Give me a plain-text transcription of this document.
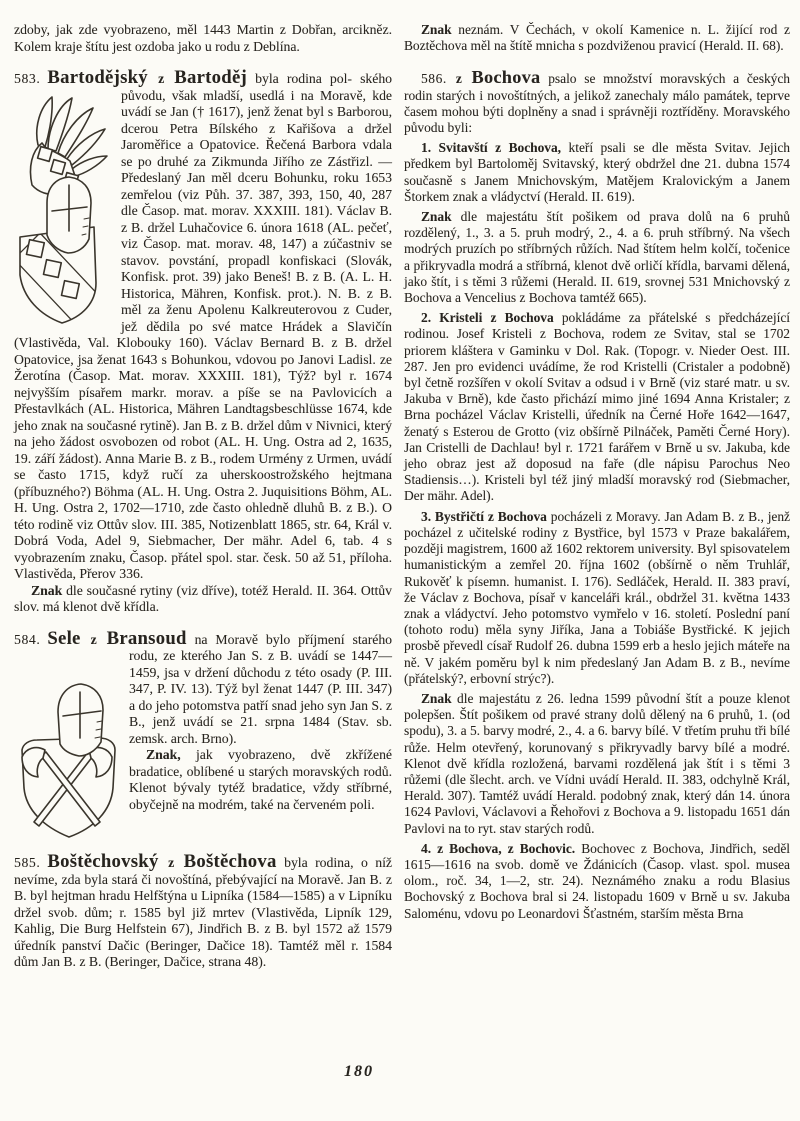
zdoby, jak zde vyobrazeno, měl 1443 Martin z Dobřan, arcikněz. Kolem kraje štítu jest ozdoba jako u rodu z Deblína.

583. Bartodějský z Bartoděj byla rodina pol- ského původu, však mladší, usedlá i na Moravě, kde uvádí se Jan († 1617), jenž ženat byl s Barborou, dcerou Petra Bílského z Kařišova a držel Jaroměřice a Opatovice. Řečená Barbora vdala se po druhé za Zikmunda Jiřího ze Zástřizl. — Předeslaný Jan měl dceru Bohunku, roku 1653 zemřelou (viz Půh. 37. 387, 393, 150, 40, 287 dle Časop. mat. morav. XXXIII. 181). Václav B. z B. držel Luhačovice 6. února 1618 (AL. pečeť, viz Časop. mat. morav. 48, 147) a zúčastniv se stavov. povstání, propadl konfiskaci (Slovák, Konfisk. prot. 39) jako Beneš! B. z B. (A. L. H. Historica, Mähren, Konfisk. prot.). N. B. z B. měl za ženu Apolenu Kalkreuterovou z Cuder, jež dědila po své matce Hrádek a Slavičín (Vlastivěda, Val. Klobouky 160). Václav Bernard B. z B. držel Opatovice, jsa ženat 1643 s Bohunkou, vdovou po Janovi Ladisl. ze Žerotína (Časop. Mat. morav. XXXIII. 181), Týž? byl r. 1674 nejvyšším písařem markr. morav. a píše se na Pavlovicích a Přestavlkách (AL. Historica, Mähren Landtagsbeschlüsse 1674, kde jeho znak na současné rytině). Jan B. z B. držel dům v Nivnici, který na jeho žádost osvobozen od robot (AL. H. Ung. Ostra ad 2, 1635, 19. září žádost). Anna Marie B. z B., rodem Urmény z Urmen, uvádí se často 1715, když ručí za uherskoostrožského hejtmana (příbuzného?) Böhma (AL. H. Ung. Ostra 2. Juquisitions Böhm, AL. H. Ung. Ostra 2, 1702—1710, zde často ohledně dluhů B. z B.). O této rodině viz Ottův slov. III. 385, Notizenblatt 1865, str. 64, Král v. Dobrá Voda, Adel 9, Siebmacher, Der mähr. Adel 6, tab. 4 s vyobrazením znaku, Časop. přátel spol. star. česk. 50 až 51, příloha. Vlastivěda, Přerov 336.

Znak dle současné rytiny (viz dříve), totéž Herald. II. 364. Ottův slov. má klenot dvě křídla.

584. Sele z Bransoud na Moravě bylo příjmení starého rodu, ze kterého Jan S. z B. uvádí se 1447—1459, jsa v držení důchodu z této osady (P. III. 347, P. IV. 13). Týž byl ženat 1447 (P. III. 347) a do jeho potomstva patří snad jeho syn Jan S. z B., jenž uvádí se 21. srpna 1484 (Stav. sb. zemsk. arch. Brno).

Znak, jak vyobrazeno, dvě zkřížené bradatice, oblíbené u starých moravských rodů. Klenot bývaly tytéž bradatice, vždy stříbrné, obyčejně na modrém, také na červeném poli.

585. Boštěchovský z Boštěchova byla rodina, o níž nevíme, zda byla stará či novoštíná, přebývající na Moravě. Jan B. z B. byl hejtman hradu Helfštýna u Lipníka (1584—1585) a v Lipníku držel svob. dům; r. 1585 byl již mrtev (Vlastivěda, Lipník 129, Kahlig, Die Burg Helfstein 67), Jindřich B. z B. byl 1572 až 1579 úředník panství Dačic (Beringer, Dačice 18). Tamtéž měl r. 1584 dům Jan B. z B. (Beringer, Dačice, strana 48).

Znak neznám. V Čechách, v okolí Kamenice n. L. žijící rod z Boztěchova měl na štítě mnicha s pozdviženou pravicí (Herald. II. 68).

586. z Bochova psalo se množství moravských a českých rodin starých i novoštítných, a jelikož zanechaly málo památek, teprve časem mohou býti doplněny a snad i správněji roztříděny. Moravského původu byli:

1. Svitavští z Bochova, kteří psali se dle města Svitav. Jejich předkem byl Bartoloměj Svitavský, který obdržel dne 21. dubna 1574 současně s Janem Mnichovským, Matějem Kralovickým a Janem Štorkem znak a vládyctví (Herald. II. 619).

Znak dle majestátu štít pošikem od prava dolů na 6 pruhů rozdělený, 1., 3. a 5. pruh modrý, 2., 4. a 6. pruh stříbrný. Na všech modrých pruzích po stříbrných růžích. Nad štítem helm kolčí, točenice a přikryvadla modrá a stříbrná, klenot dvě orličí křídla, barvami dělená, jako štít, i s těmi 3 růžemi (Herald. II. 619, srovnej 531 Mnichovský z Bochova a Vencelius z Bochova tamtéž 665).

2. Kristeli z Bochova pokládáme za přátelské s předcházející rodinou. Josef Kristeli z Bochova, rodem ze Svitav, stal se 1702 priorem kláštera v Gaminku v Dol. Rak. (Topogr. v. Nieder Oest. III. 287. Jen pro evidenci uvádíme, že rod Kristelli (Cristaler a podobně) byl četně rozšířen v okolí Svitav a odsud i v Brně (viz staré matr. u sv. Jakuba v Brně), kde často přichází mimo jiné 1694 Anna Kristaler; z Brna pocházel Václav Kristelli, úředník na Černé Hoře 1642—1647, ženatý s Esterou de Grotto (viz obšírně Pilnáček, Paměti Černé Hory). Jan Cristelli de Dachlau! byl r. 1721 farářem v Brně u sv. Jakuba, kde jeho obraz jest až doposud na faře (dle nápisu Parochus Neo Stadiensis…). Kristeli byl též jiný mladší moravský rod (Siebmacher, Der mähr. Adel).

3. Bystřičtí z Bochova pocházeli z Moravy. Jan Adam B. z B., jenž pocházel z učitelské rodiny z Bystřice, byl 1573 v Praze bakalářem, později magistrem, 1600 až 1602 rektorem university. Byl spisovatelem humanistickým a zemřel 20. října 1602 (obšírně o něm Truhlář, Rukověť k písemn. humanist. I. 176). Sedláček, Herald. II. 383 praví, že Václav z Bochova, písař v kanceláři král., obdržel 31. května 1433 znak a vládyctví. Jeho potomstvo vymřelo v 16. století. Poslední paní (tohoto rodu) měla syny Jiříka, Jana a Tobiáše Bystřické. K jejich prosbě převedl císař Rudolf 26. dubna 1599 erb a heslo jejich máteře na ně. V jakém poměru byl k nim předeslaný Jan Adam B. z B., nevíme (přátelský?, erbovní strýc?).

Znak dle majestátu z 26. ledna 1599 původní štít a pouze klenot polepšen. Štít pošikem od pravé strany dolů dělený na 6 pruhů, 1. (od spodu), 3. a 5. barvy modré, 2., 4. a 6. barvy bílé. V třetím pruhu tři bílé růže. Helm otevřený, korunovaný s přikryvadly barvy bílé a modré. Klenot dvě křídla rozložená, barvami rozdělená jak štít i s těmi 3 růžemi (dle šlecht. arch. ve Vídni uvádí Herald. II. 383, odchylně Král, Herald. 307). Tamtéž uvádí Herald. podobný znak, který dán 14. února 1624 Pavlovi, Václavovi a Řehořovi z Bochova a 9. listopadu 1651 dán Pavlovi na to ryt. stav starých rodů.

4. z Bochova, z Bochovic. Bochovec z Bochova, Jindřich, seděl 1615—1616 na svob. domě ve Ždánicích (Časop. vlast. spol. musea olom., roč. 34, 1—2, str. 24). Neznámého znaku a rodu Blasius Bochovský z Bochova bral si 24. listopadu 1609 v Brně u sv. Jakuba Saloménu, vdovu po Leonardovi Šťastném, starším města Brna

180
